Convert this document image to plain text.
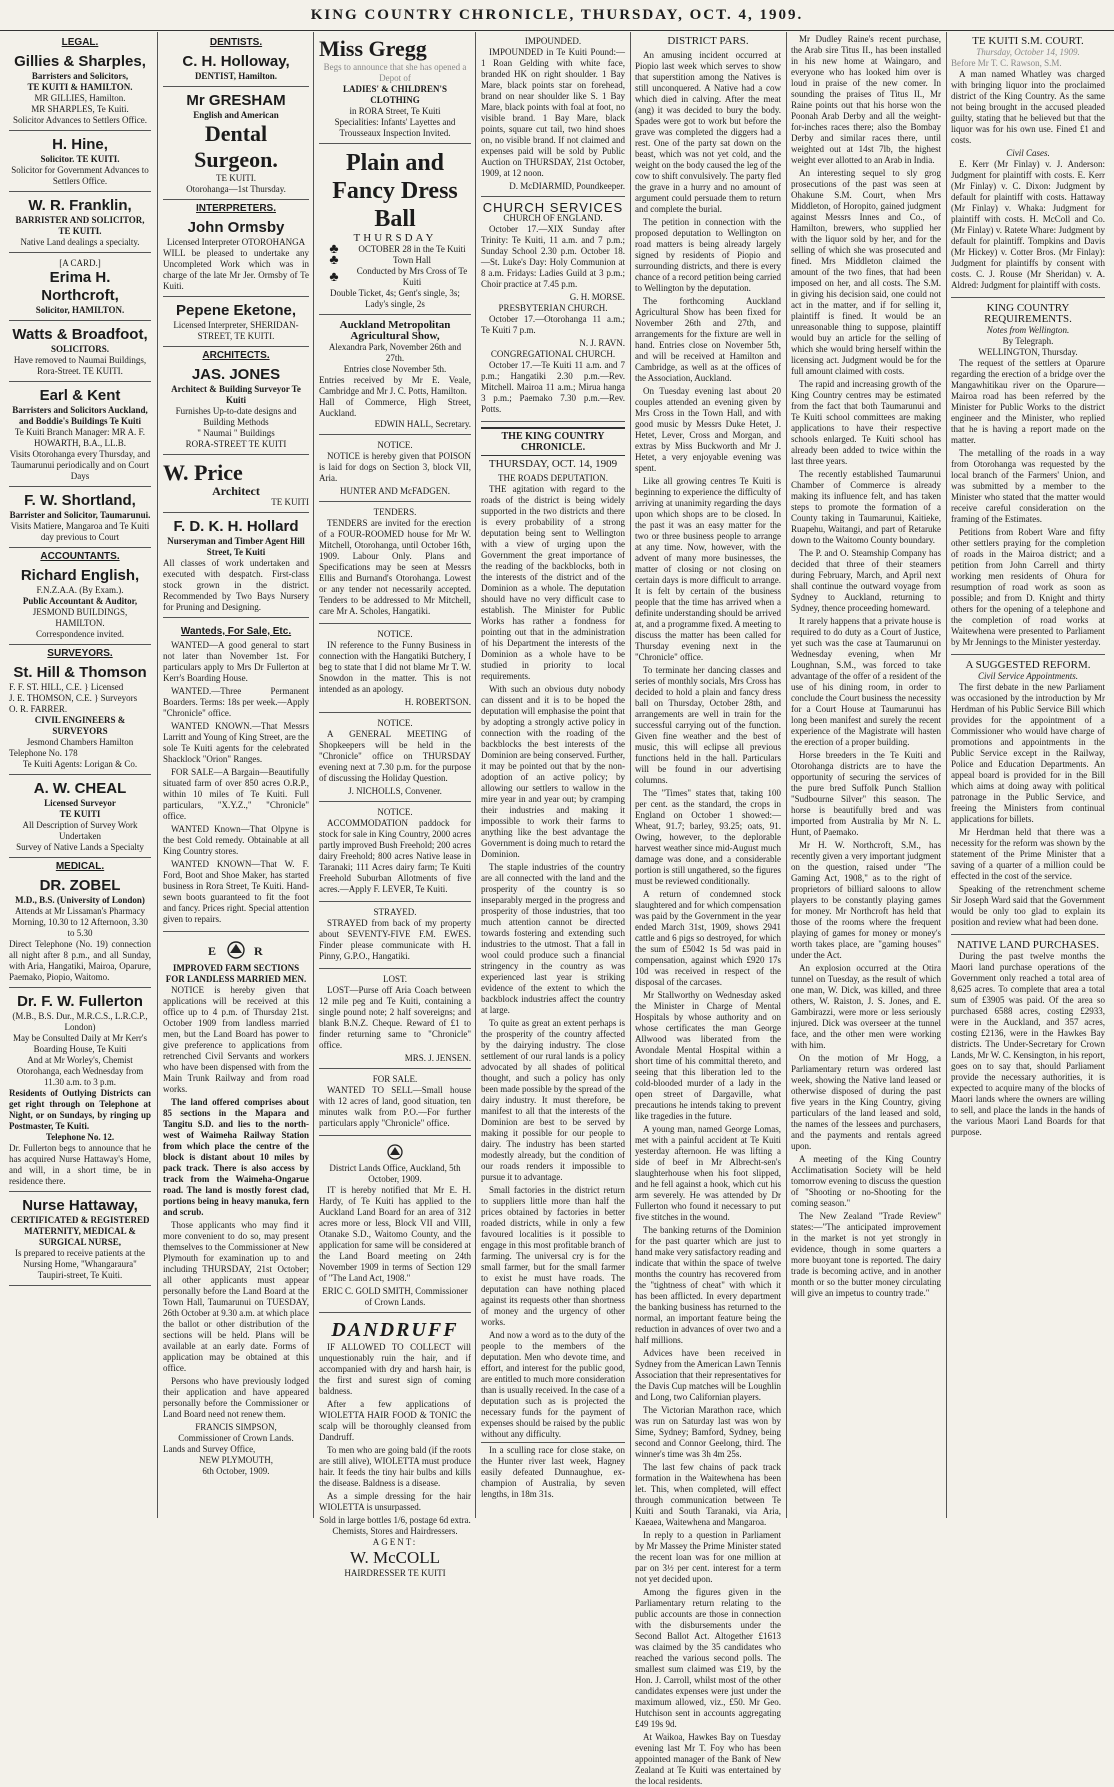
KING COUNTRY CHRONICLE, THURSDAY, OCT. 4, 1909.
LEGAL.
Gillies & Sharples,
Barristers and Solicitors,
TE KUITI & HAMILTON.
MR GILLIES, Hamilton.
MR SHARPLES, Te Kuiti.
Solicitor Advances to Settlers Office.
H. Hine,
Solicitor. TE KUITI.
Solicitor for Government Advances to Settlers Office.
W. R. Franklin,
BARRISTER AND SOLICITOR, TE KUITI.
Native Land dealings a specialty.
[A CARD.]
Erima H. Northcroft,
Solicitor, HAMILTON.
Watts & Broadfoot,
SOLICITORS.
Have removed to Naumai Buildings, Rora-Street. TE KUITI.
Earl & Kent
Barristers and Solicitors Auckland, and Boddie's Buildings Te Kuiti
Te Kuiti Branch Manager: MR A. F. HOWARTH, B.A., LL.B.
Visits Otorohanga every Thursday, and Taumarunui periodically and on Court Days
F. W. Shortland,
Barrister and Solicitor, Taumarunui.
Visits Matiere, Mangaroa and Te Kuiti day previous to Court
ACCOUNTANTS.
Richard English,
F.N.Z.A.A. (By Exam.).
Public Accountant & Auditor,
JESMOND BUILDINGS, HAMILTON.
Correspondence invited.
SURVEYORS.
St. Hill & Thomson
F. F. ST. HILL, C.E. } Licensed
J. E. THOMSON, C.E. } Surveyors
O. R. FARRER.
CIVIL ENGINEERS & SURVEYORS
Jesmond Chambers Hamilton
Telephone No. 178
Te Kuiti Agents: Lorigan & Co.
A. W. CHEAL
Licensed Surveyor
TE KUITI
All Description of Survey Work Undertaken
Survey of Native Lands a Specialty
MEDICAL.
DR. ZOBEL
M.D., B.S. (University of London)
Attends at Mr Lissaman's Pharmacy Morning, 10.30 to 12 Afternoon, 3.30 to 5.30
Direct Telephone (No. 19) connection all night after 8 p.m., and all Sunday, with Aria, Hangatiki, Mairoa, Oparure, Paemako, Piopio, Waitomo.
Dr. F. W. Fullerton
(M.B., B.S. Dur., M.R.C.S., L.R.C.P., London)
May be Consulted Daily at Mr Kerr's Boarding House, Te Kuiti
And at Mr Worley's, Chemist Otorohanga, each Wednesday from 11.30 a.m. to 3 p.m.
Residents of Outlying Districts can get right through on Telephone at Night, or on Sundays, by ringing up Postmaster, Te Kuiti.
Telephone No. 12.
Dr. Fullerton begs to announce that he has acquired Nurse Hattaway's Home, and will, in a short time, be in residence there.
Nurse Hattaway,
CERTIFICATED & REGISTERED MATERNITY, MEDICAL & SURGICAL NURSE,
Is prepared to receive patients at the Nursing Home, "Whangaraura" Taupiri-street, Te Kuiti.
DENTISTS.
C. H. Holloway,
DENTIST, Hamilton.
Mr GRESHAM
English and American
Dental Surgeon.
TE KUITI.
Otorohanga—1st Thursday.
INTERPRETERS.
John Ormsby
Licensed Interpreter OTOROHANGA
WILL be pleased to undertake any Uncompleted Work which was in charge of the late Mr Jer. Ormsby of Te Kuiti.
Pepene Eketone,
Licensed Interpreter, SHERIDAN-STREET, TE KUITI.
ARCHITECTS.
JAS. JONES
Architect & Building Surveyor Te Kuiti
Furnishes Up-to-date designs and Building Methods
" Naumai " Buildings
RORA-STREET TE KUITI
W. Price
Architect
TE KUITI
F. D. K. H. Hollard
Nurseryman and Timber Agent Hill Street, Te Kuiti
All classes of work undertaken and executed with despatch. First-class stock grown in the district. Recommended by Two Bays Nursery for Pruning and Designing.
Wanteds, For Sale, Etc.

WANTED—A good general to start not later than November 1st. For particulars apply to Mrs Dr Fullerton at Kerr's Boarding House.

WANTED.—Three Permanent Boarders. Terms: 18s per week.—Apply "Chronicle" office.

WANTED KNOWN.—That Messrs Larritt and Young of King Street, are the sole Te Kuiti agents for the celebrated Shacklock "Orion" Ranges.

FOR SALE—A Bargain—Beautifully situated farm of over 850 acres O.R.P., within 10 miles of Te Kuiti. Full particulars, "X.Y.Z.," "Chronicle" office.

WANTED Known—That Olpyne is the best Cold remedy. Obtainable at all King Country stores.

WANTED KNOWN—That W. F. Ford, Boot and Shoe Maker, has started business in Rora Street, Te Kuiti. Hand-sewn boots guaranteed to fit the foot and fancy. Prices right. Special attention given to repairs.

E	R
IMPROVED FARM SECTIONS FOR LANDLESS MARRIED MEN.

NOTICE is hereby given that applications will be received at this office up to 4 p.m. of Thursday 21st. October 1909 from landless married men, but the Land Board has power to give preference to applications from retrenched Civil Servants and workers who have been dispensed with from the Main Trunk Railway and from road works.

The land offered comprises about 85 sections in the Mapara and Tangitu S.D. and lies to the north-west of Waimeha Railway Station from which place the centre of the block is distant about 10 miles by pack track. There is also access by track from the Waimeha-Ongarue road. The land is mostly forest clad, portions being in heavy manuka, fern and scrub.

Those applicants who may find it more convenient to do so, may present themselves to the Commissioner at New Plymouth for examination up to and including THURSDAY, 21st October; all other applicants must appear personally before the Land Board at the Town Hall, Taumarunui on TUESDAY, 26th October at 9.30 a.m. at which place the ballot or other distribution of the sections will be held. Plans will be available at an early date. Forms of application may be obtained at this office.

Persons who have previously lodged their application and have appeared personally before the Commissioner or Land Board need not renew them.

FRANCIS SIMPSON,
Commissioner of Crown Lands.
Lands and Survey Office,
NEW PLYMOUTH,
6th October, 1909.
Miss Gregg
Begs to announce that she has opened a Depot of
LADIES' & CHILDREN'S CLOTHING
in RORA Street, Te Kuiti
Specialities: Infants' Layettes and Trousseaux Inspection Invited.
Plain and Fancy Dress Ball
THURSDAY
♣
♣
OCTOBER 28 in the Te Kuiti Town Hall
♣	Conducted by Mrs Cross of Te Kuiti
Double Ticket, 4s; Gent's single, 3s; Lady's single, 2s
Auckland Metropolitan Agricultural Show,
Alexandra Park, November 26th and 27th.
Entries close November 5th.
Entries received by Mr E. Veale, Cambridge and Mr J. C. Potts, Hamilton.
Hall of Commerce, High Street, Auckland.
EDWIN HALL, Secretary.
NOTICE.

NOTICE is hereby given that POISON is laid for dogs on Section 3, block VII, Aria.

HUNTER AND McFADGEN.
TENDERS.

TENDERS are invited for the erection of a FOUR-ROOMED house for Mr W. Mitchell, Otorohanga, until October 16th, 1909. Labour Only. Plans and Specifications may be seen at Messrs Ellis and Burnand's Otorohanga. Lowest or any tender not necessarily accepted. Tenders to be addressed to Mr Mitchell, care Mr A. Scholes, Hangatiki.

NOTICE.

IN reference to the Funny Business in connection with the Hangatiki Butchery, I beg to state that I did not blame Mr T. W. Snowdon in the matter. This is not intended as an apology.

H. ROBERTSON.
NOTICE.

A GENERAL MEETING of Shopkeepers will be held in the "Chronicle" office on THURSDAY evening next at 7.30 p.m. for the purpose of discussing the Holiday Question.

J. NICHOLLS, Convener.
NOTICE.

ACCOMMODATION paddock for stock for sale in King Country, 2000 acres partly improved Bush Freehold; 200 acres dairy Freehold; 800 acres Native lease in Taranaki; 111 Acres dairy farm; Te Kuiti Freehold Suburban Allotments of five acres.—Apply F. LEVER, Te Kuiti.

STRAYED.

STRAYED from back of my property about SEVENTY-FIVE F.M. EWES. Finder please communicate with H. Pinny, G.P.O., Hangatiki.

LOST.

LOST—Purse off Aria Coach between 12 mile peg and Te Kuiti, containing a single pound note; 2 half sovereigns; and blank B.N.Z. Cheque. Reward of £1 to finder returning same to "Chronicle" office.

MRS. J. JENSEN.
FOR SALE.

WANTED TO SELL—Small house with 12 acres of land, good situation, ten minutes walk from P.O.—For further particulars apply "Chronicle" office.

District Lands Office, Auckland, 5th October, 1909.

IT is hereby notified that Mr E. H. Hardy, of Te Kuiti has applied to the Auckland Land Board for an area of 312 acres more or less, Block VII and VIII, Otanake S.D., Waitomo County, and the application for same will be considered at the Land Board meeting on 24th November 1909 in terms of Section 129 of "The Land Act, 1908."

ERIC C. GOLD SMITH, Commissioner of Crown Lands.
DANDRUFF

IF ALLOWED TO COLLECT will unquestionably ruin the hair, and if accompanied with dry and harsh hair, is the first and surest sign of coming baldness.

After a few applications of WIOLETTA HAIR FOOD & TONIC the scalp will be thoroughly cleansed from Dandruff.

To men who are going bald (if the roots are still alive), WIOLETTA must produce hair. It feeds the tiny hair bulbs and kills the disease. Baldness is a disease.

As a simple dressing for the hair WIOLETTA is unsurpassed.

Sold in large bottles 1/6, postage 6d extra. Chemists, Stores and Hairdressers.
AGENT:
W. McCOLL
HAIRDRESSER TE KUITI
IMPOUNDED.

IMPOUNDED in Te Kuiti Pound:—1 Roan Gelding with white face, branded HK on right shoulder. 1 Bay Mare, black points star on forehead, brand on near shoulder like S. 1 Bay Mare, black points with foal at foot, no visible brand. 1 Bay Mare, black points, square cut tail, two hind shoes on, no visible brand. If not claimed and expenses paid will be sold by Public Auction on THURSDAY, 21st October, 1909, at 12 noon.

D. McDIARMID, Poundkeeper.
CHURCH SERVICES
CHURCH OF ENGLAND.

October 17.—XIX Sunday after Trinity: Te Kuiti, 11 a.m. and 7 p.m.; Sunday School 2.30 p.m. October 18.—St. Luke's Day: Holy Communion at 8 a.m. Fridays: Ladies Guild at 3 p.m.; Choir practice at 7.45 p.m.

G. H. MORSE.
PRESBYTERIAN CHURCH.

October 17.—Otorohanga 11 a.m.; Te Kuiti 7 p.m.

N. J. RAVN.
CONGREGATIONAL CHURCH.

October 17.—Te Kuiti 11 a.m. and 7 p.m.; Hangatiki 2.30 p.m.—Rev. Mitchell. Mairoa 11 a.m.; Mirua hanga 3 p.m.; Paemako 7.30 p.m.—Rev. Potts.

THE KING COUNTRY CHRONICLE.
THURSDAY, OCT. 14, 1909
THE ROADS DEPUTATION.

THE agitation with regard to the roads of the district is being widely supported in the two districts and there is every probability of a strong deputation being sent to Wellington with a view of urging upon the Government the great importance of the reading of the backblocks, both in the interests of the district and of the Dominion as a whole. The deputation should have no very difficult case to establish. The Minister for Public Works has rather a fondness for pointing out that in the administration of his Department the interests of the Dominion as a whole have to be studied in priority to local requirements.

With such an obvious duty nobody can dissent and it is to be hoped the deputation will emphasise the point that by adopting a strongly active policy in connection with the roading of the backblocks the best interests of the Dominion are being conserved. Further, it may be pointed out that by the non-adoption of an active policy; by allowing our settlers to wallow in the mire year in and year out; by cramping their industries and making it impossible to work their farms to anything like the best advantage the Government is doing much to retard the Dominion.

The staple industries of the country are all connected with the land and the prosperity of the country is so inseparably merged in the progress and prosperity of those industries, that too much attention cannot be directed towards fostering and extending such industries to the utmost. That a fall in wool could produce such a financial stringency in the country as was experienced last year is striking evidence of the extent to which the backblock industries affect the country at large.

To quite as great an extent perhaps is the prosperity of the country affected by the dairying industry. The close settlement of our rural lands is a policy advocated by all shades of political thought, and such a policy has only been made possible by the spread of the dairy industry. It must therefore, be manifest to all that the interests of the Dominion are best to be served by making it possible for our people to dairy. The industry has been started modestly already, but the condition of our roads renders it impossible to pursue it to advantage.

Small factories in the district return to suppliers little more than half the prices obtained by factories in better roaded districts, while in only a few favoured localities is it possible to engage in this most profitable branch of farming. The universal cry is for the small farmer, but for the small farmer to exist he must have roads. The deputation can have nothing placed against its requests other than shortness of money and the urgency of other works.

And now a word as to the duty of the people to the members of the deputation. Men who devote time, and effort, and interest for the public good, are entitled to much more consideration than is usually received. In the case of a deputation such as is projected the necessary funds for the payment of expenses should be raised by the public without any difficulty.

In a sculling race for close stake, on the Hunter river last week, Hagney easily defeated Dunnaughue, ex-champion of Australia, by seven lengths, in 18m 31s.

DISTRICT PARS.

An amusing incident occurred at Piopio last week which serves to show that superstition among the Natives is still unconquered. A Native had a cow which died in calving. After the meat (ang) it was decided to bury the body. Spades were got to work but before the grave was completed the diggers had a rest. One of the party sat down on the beast, which was not yet cold, and the weight on the body caused the leg of the cow to shift convulsively. The party fled the grave in a hurry and no amount of argument could persuade them to return and complete the burial.

The petition in connection with the proposed deputation to Wellington on road matters is being already largely signed by residents of Piopio and surrounding districts, and there is every chance of a record petition being carried to Wellington by the deputation.

The forthcoming Auckland Agricultural Show has been fixed for November 26th and 27th, and arrangements for the fixture are well in hand. Entries close on November 5th, and will be received at Hamilton and Cambridge, as well as at the offices of the Association, Auckland.

On Tuesday evening last about 20 couples attended an evening given by Mrs Cross in the Town Hall, and with good music by Messrs Duke Hetet, J. Hetet, Lever, Cross and Morgan, and extras by Miss Buckworth and Mr J. Hetet, a very enjoyable evening was spent.

Like all growing centres Te Kuiti is beginning to experience the difficulty of arriving at unanimity regarding the days upon which shops are to be closed. In the past it was an easy matter for the two or three business people to arrange at any time. Now, however, with the advent of many more businesses, the matter of closing or not closing on certain days is more difficult to arrange. It is felt by certain of the business people that the time has arrived when a definite understanding should be arrived at, and a programme fixed. A meeting to discuss the matter has been called for Thursday evening next in the "Chronicle" office.

To terminate her dancing classes and series of monthly socials, Mrs Cross has decided to hold a plain and fancy dress ball on Thursday, October 28th, and arrangements are well in train for the successful carrying out of the function. Given fine weather and the best of music, this will eclipse all previous functions held in the hall. Particulars will be found in our advertising columns.

The "Times" states that, taking 100 per cent. as the standard, the crops in England on October 1 showed:—Wheat, 91.7; barley, 93.25; oats, 91. Owing, however, to the deplorable harvest weather since mid-August much damage was done, and a considerable portion is still ungathered, so the figures must be reviewed conditionally.

A return of condemned stock slaughtered and for which compensation was paid by the Government in the year ended March 31st, 1909, shows 2941 cattle and 6 pigs so destroyed, for which the sum of £5042 1s 5d was paid in compensation, against which £920 17s 10d was received in respect of the disposal of the carcases.

Mr Stallworthy on Wednesday asked the Minister in Charge of Mental Hospitals by whose authority and on whose certificates the man George Allwood was liberated from the Avondale Mental Hospital within a short time of his committal thereto, and seeing that this liberation led to the cold-blooded murder of a lady in the open street of Dargaville, what precautions he intends taking to prevent like tragedies in the future.

A young man, named George Lomas, met with a painful accident at Te Kuiti yesterday afternoon. He was lifting a side of beef in Mr Albrecht-sen's slaughterhouse when his foot slipped, and he fell against a hook, which cut his arm severely. He was attended by Dr Fullerton who found it necessary to put five stitches in the wound.

The banking returns of the Dominion for the past quarter which are just to hand make very satisfactory reading and indicate that within the space of twelve months the country has recovered from the "tightness of cheat" with which it has been afflicted. In every department the banking business has returned to the normal, an important feature being the reduction in advances of over two and a half millions.

Advices have been received in Sydney from the American Lawn Tennis Association that their representatives for the Davis Cup matches will be Loughlin and Long, two Californian players.

The Victorian Marathon race, which was run on Saturday last was won by Sime, Sydney; Bamford, Sydney, being second and Connor Geelong, third. The winner's time was 3h 4m 25s.

The last few chains of pack track formation in the Waitewhena has been let. This, when completed, will effect through communication between Te Kuiti and South Taranaki, via Aria, Kaeaea, Waitewhena and Mangaroa.

In reply to a question in Parliament by Mr Massey the Prime Minister stated the recent loan was for one million at par on 3½ per cent. interest for a term not yet decided upon.

Among the figures given in the Parliamentary return relating to the public accounts are those in connection with the disbursements under the Second Ballot Act. Altogether £1613 was claimed by the 35 candidates who reached the various second polls. The smallest sum claimed was £19, by the Hon. J. Carroll, whilst most of the other candidates expenses were just under the maximum allowed, viz., £50. Mr Geo. Hutchison sent in accounts aggregating £49 19s 9d.

At Waikoa, Hawkes Bay on Tuesday evening last Mr T. Foy who has been appointed manager of the Bank of New Zealand at Te Kuiti was entertained by the local residents.

Mr Dudley Raine's recent purchase, the Arab sire Titus II., has been installed in his new home at Waingaro, and everyone who has looked him over is loud in praise of the new comer. In sounding the praises of Titus II., Mr Raine points out that his horse won the Poonah Arab Derby and all the weight-for-inches races there; also the Bombay Derby and similar races there, until weighted out at 14st 7lb, the highest weight ever allotted to an Arab in India.

An interesting sequel to sly grog prosecutions of the past was seen at Ohakune S.M. Court, when Mrs Middleton, of Horopito, gained judgment against Messrs Innes and Co., of Hamilton, brewers, who supplied her with the liquor sold by her, and for the selling of which she was prosecuted and fined. Mrs Middleton claimed the amount of the two fines, that had been imposed on her, and all costs. The S.M. in giving his decision said, one could not act in the matter, and if for selling it, plaintiff is fined. It would be an unreasonable thing to suppose, plaintiff would buy an article for the selling of which she would bring herself within the licensing act. Judgment would be for the full amount claimed with costs.

The rapid and increasing growth of the King Country centres may be estimated from the fact that both Taumarunui and Te Kuiti school committees are making applications to have their respective schools enlarged. Te Kuiti school has already been added to twice within the last three years.

The recently established Taumarunui Chamber of Commerce is already making its influence felt, and has taken steps to promote the formation of a County taking in Taumarunui, Kaitieke, Ruapehu, Waitangi, and part of Retaruke down to the Waitomo County boundary.

The P. and O. Steamship Company has decided that three of their steamers during February, March, and April next shall continue the outward voyage from Sydney to Auckland, returning to Sydney, thence proceeding homeward.

It rarely happens that a private house is required to do duty as a Court of Justice, yet such was the case at Taumarunui on Wednesday evening, when Mr Loughnan, S.M., was forced to take advantage of the offer of a resident of the use of his dining room, in order to conclude the Court business the necessity for a Court House at Taumarunui has long been manifest and surely the recent experience of the Magistrate will hasten the erection of a proper building.

Horse breeders in the Te Kuiti and Otorohanga districts are to have the opportunity of securing the services of the pure bred Suffolk Punch Stallion "Sudbourne Silver" this season. The horse is beautifully bred and was imported from Australia by Mr N. L. Hunt, of Paemako.

Mr H. W. Northcroft, S.M., has recently given a very important judgment on the question, raised under "The Gaming Act, 1908," as to the right of proprietors of billiard saloons to allow players to be constantly playing games for money. Mr Northcroft has held that those of the rooms where the frequent playing of games for money or money's worth takes place, are "gaming houses" under the Act.

An explosion occurred at the Otira tunnel on Tuesday, as the result of which one man, W. Dick, was killed, and three others, W. Raiston, J. S. Jones, and E. Gambirazzi, were more or less seriously injured. Dick was overseer at the tunnel face, and the other men were working with him.

On the motion of Mr Hogg, a Parliamentary return was ordered last week, showing the Native land leased or otherwise disposed of during the past five years in the King Country, giving particulars of the land leased and sold, the names of the lessees and purchasers, and the payments and rentals agreed upon.

A meeting of the King Country Acclimatisation Society will be held tomorrow evening to discuss the question of "Shooting or no-Shooting for the coming season."

The New Zealand "Trade Review" states:—"The anticipated improvement in the market is not yet strongly in evidence, though in some quarters a more buoyant tone is reported. The dairy trade is becoming active, and in another month or so the butter money circulating will give an impetus to country trade."

TE KUITI S.M. COURT.
Thursday, October 14, 1909.
Before Mr T. C. Rawson, S.M.

A man named Whatley was charged with bringing liquor into the proclaimed district of the King Country. As the same not being brought in the accused pleaded guilty, stating that he believed but that the liquor was for his own use. Fined £1 and costs.

Civil Cases.

E. Kerr (Mr Finlay) v. J. Anderson: Judgment for plaintiff with costs. E. Kerr (Mr Finlay) v. C. Dixon: Judgment by default for plaintiff with costs. Hattaway (Mr Finlay) v. Whaka: Judgment for plaintiff with costs. H. McColl and Co. (Mr Finlay) v. Ratete Whare: Judgment by default for plaintiff. Tompkins and Davis (Mr Hickey) v. Cotter Bros. (Mr Finlay): Judgment for plaintiffs by consent with costs. C. J. Rouse (Mr Sheridan) v. A. Aldred: Judgment for plaintiff with costs.

KING COUNTRY REQUIREMENTS.
Notes from Wellington.
By Telegraph.
WELLINGTON, Thursday.

The request of the settlers at Oparure regarding the erection of a bridge over the Mangawhitikau river on the Oparure—Mairoa road has been referred by the Minister for Public Works to the district engineer and the Minister, who replied that he is having a report made on the matter.

The metalling of the roads in a way from Otorohanga was requested by the local branch of the Farmers' Union, and was submitted by a member to the Minister who stated that the matter would receive careful consideration on the framing of the Estimates.

Petitions from Robert Ware and fifty other settlers praying for the completion of roads in the Mairoa district; and a petition from John Carrell and thirty working men residents of Ohura for resumption of road work as soon as possible; and from D. Knight and thirty others for the opening of a telephone and the completion of road works at Waitewhena were presented to Parliament by Mr Jennings to the Minister yesterday.

A SUGGESTED REFORM.
Civil Service Appointments.

The first debate in the new Parliament was occasioned by the introduction by Mr Herdman of his Public Service Bill which provides for the appointment of a Commissioner who would have charge of promotions and appointments in the Public Service except in the Railway, Police and Education Departments. An appeal board is provided for in the Bill which aims at doing away with political patronage in the Public Service, and freeing the Ministers from continual applications for billets.

Mr Herdman held that there was a necessity for the reform was shown by the statement of the Prime Minister that a saving of a quarter of a million could be effected in the cost of the service.

Speaking of the retrenchment scheme Sir Joseph Ward said that the Government would be only too glad to explain its position and review what had been done.

NATIVE LAND PURCHASES.

During the past twelve months the Maori land purchase operations of the Government only reached a total area of 8,625 acres. To complete that area a total sum of £3905 was paid. Of the area so purchased 6588 acres, costing £2933, were in the Auckland, and 357 acres, costing £2136, were in the Hawkes Bay districts. The Under-Secretary for Crown Lands, Mr W. C. Kensington, in his report, goes on to say that, should Parliament provide the necessary authorities, it is expected to acquire many of the blocks of Maori lands where the owners are willing to sell, and place the lands in the hands of the various Maori Land Boards for that purpose.
